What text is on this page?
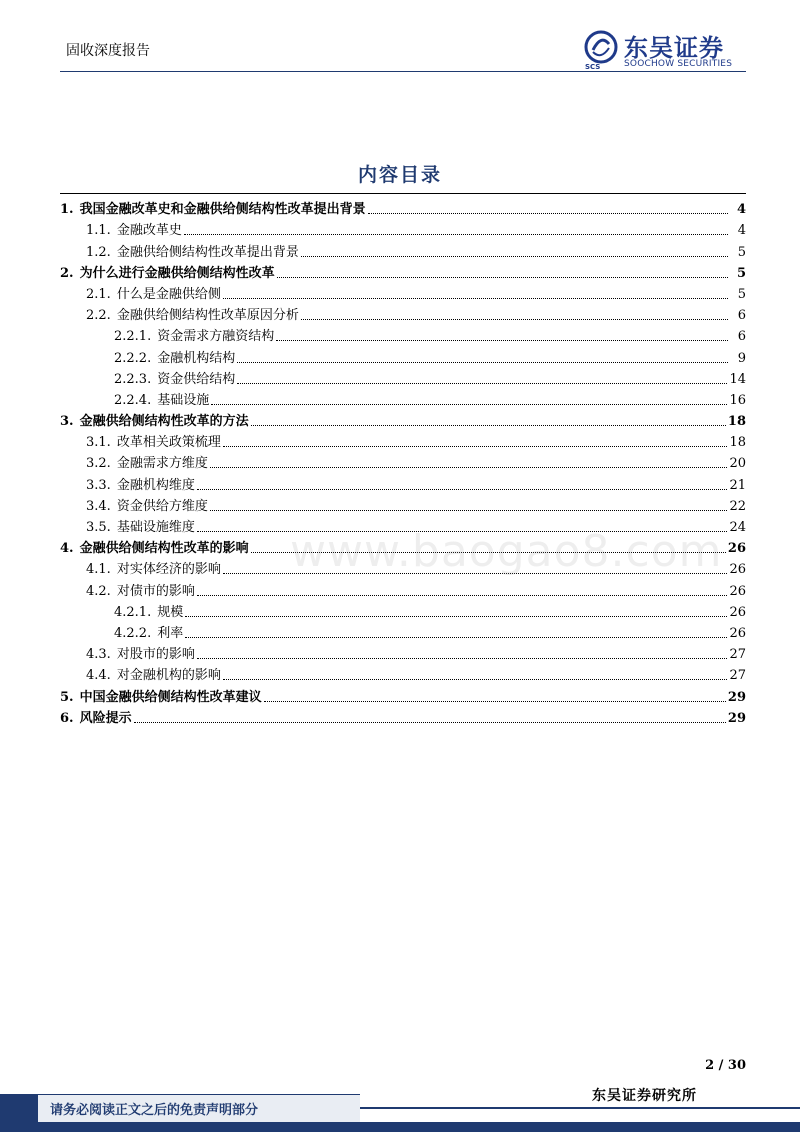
固收深度报告
SCS
东吴证券
SOOCHOW SECURITIES
内容目录
1. 我国金融改革史和金融供给侧结构性改革提出背景	4
1.1. 金融改革史	4
1.2. 金融供给侧结构性改革提出背景	5
2. 为什么进行金融供给侧结构性改革	5
2.1. 什么是金融供给侧	5
2.2. 金融供给侧结构性改革原因分析	6
2.2.1. 资金需求方融资结构	6
2.2.2. 金融机构结构	9
2.2.3. 资金供给结构	14
2.2.4. 基础设施	16
3. 金融供给侧结构性改革的方法	18
3.1. 改革相关政策梳理	18
3.2. 金融需求方维度	20
3.3. 金融机构维度	21
3.4. 资金供给方维度	22
3.5. 基础设施维度	24
4. 金融供给侧结构性改革的影响	26
4.1. 对实体经济的影响	26
4.2. 对债市的影响	26
4.2.1. 规模	26
4.2.2. 利率	26
4.3. 对股市的影响	27
4.4. 对金融机构的影响	27
5. 中国金融供给侧结构性改革建议	29
6. 风险提示	29
www.baogao8.com
2 / 30
请务必阅读正文之后的免责声明部分
东吴证券研究所
